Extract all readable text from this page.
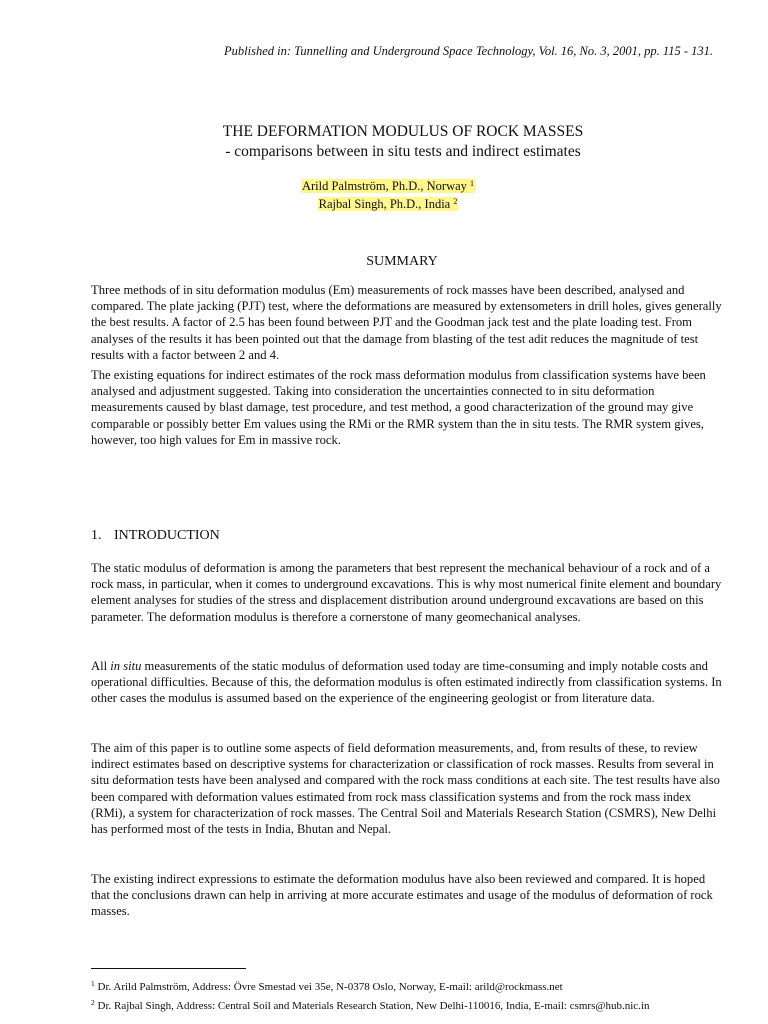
Published in: Tunnelling and Underground Space Technology, Vol. 16, No. 3, 2001, pp. 115 - 131.
THE DEFORMATION MODULUS OF ROCK MASSES
- comparisons between in situ tests and indirect estimates
Arild Palmström, Ph.D., Norway $^1$
Rajbal Singh, Ph.D., India $^2$
SUMMARY

Three methods of in situ deformation modulus (Em) measurements of rock masses have been described, analysed and compared. The plate jacking (PJT) test, where the deformations are measured by extensometers in drill holes, gives generally the best results. A factor of 2.5 has been found between PJT and the Goodman jack test and the plate loading test. From analyses of the results it has been pointed out that the damage from blasting of the test adit reduces the magnitude of test results with a factor between 2 and 4.

The existing equations for indirect estimates of the rock mass deformation modulus from classification systems have been analysed and adjustment suggested. Taking into consideration the uncertainties connected to in situ deformation measurements caused by blast damage, test procedure, and test method, a good characterization of the ground may give comparable or possibly better Em values using the RMi or the RMR system than the in situ tests. The RMR system gives, however, too high values for Em in massive rock.

1. INTRODUCTION

The static modulus of deformation is among the parameters that best represent the mechanical behaviour of a rock and of a rock mass, in particular, when it comes to underground excavations. This is why most numerical finite element and boundary element analyses for studies of the stress and displacement distribution around underground excavations are based on this parameter. The deformation modulus is therefore a cornerstone of many geomechanical analyses.

All in situ measurements of the static modulus of deformation used today are time-consuming and imply notable costs and operational difficulties. Because of this, the deformation modulus is often estimated indirectly from classification systems. In other cases the modulus is assumed based on the experience of the engineering geologist or from literature data.

The aim of this paper is to outline some aspects of field deformation measurements, and, from results of these, to review indirect estimates based on descriptive systems for characterization or classification of rock masses. Results from several in situ deformation tests have been analysed and compared with the rock mass conditions at each site. The test results have also been compared with deformation values estimated from rock mass classification systems and from the rock mass index (RMi), a system for characterization of rock masses. The Central Soil and Materials Research Station (CSMRS), New Delhi has performed most of the tests in India, Bhutan and Nepal.

The existing indirect expressions to estimate the deformation modulus have also been reviewed and compared. It is hoped that the conclusions drawn can help in arriving at more accurate estimates and usage of the modulus of deformation of rock masses.

$^1$ Dr. Arild Palmström, Address: Övre Smestad vei 35e, N-0378 Oslo, Norway, E-mail: arild@rockmass.net

$^2$ Dr. Rajbal Singh, Address: Central Soil and Materials Research Station, New Delhi-110016, India, E-mail: csmrs@hub.nic.in
